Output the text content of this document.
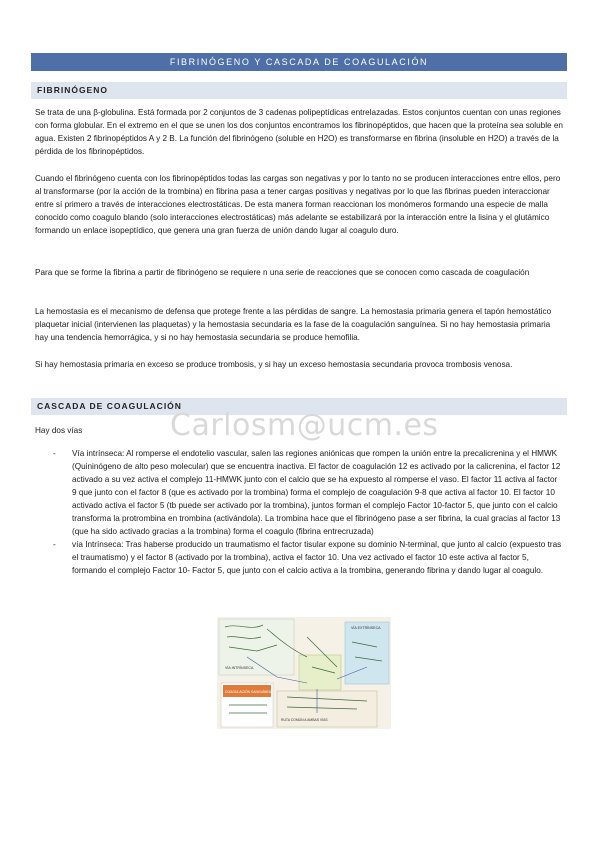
FIBRINÓGENO Y CASCADA DE COAGULACIÓN
FIBRINÓGENO
Se trata de una β-globulina. Está formada por 2 conjuntos de 3 cadenas polipeptídicas entrelazadas. Estos conjuntos cuentan con unas regiones con forma globular. En el extremo en el que se unen los dos conjuntos encontramos los fibrinopéptidos, que hacen que la proteína sea soluble en agua. Existen 2 fibrinopéptidos A y 2 B. La función del fibrinógeno (soluble en H2O) es transformarse en fibrina (insoluble en H2O) a través de la pérdida de los fibrinopéptidos.
Cuando el fibrinógeno cuenta con los fibrinopéptidos todas las cargas son negativas y por lo tanto no se producen interacciones entre ellos, pero al transformarse (por la acción de la trombina) en fibrina pasa a tener cargas positivas y negativas por lo que las fibrinas pueden interaccionar entre sí primero a través de interacciones electrostáticas. De esta manera forman reaccionan los monómeros formando una especie de malla conocido como coagulo blando (solo interacciones electrostáticas) más adelante se estabilizará por la interacción entre la lisina y el glutámico formando un enlace isopeptídico, que genera una gran fuerza de unión dando lugar al coagulo duro.
Para que se forme la fibrina a partir de fibrinógeno se requiere n una serie de reacciones que se conocen como cascada de coagulación
La hemostasia es el mecanismo de defensa que protege frente a las pérdidas de sangre. La hemostasia primaria genera el tapón hemostático plaquetar inicial (intervienen las plaquetas) y la hemostasia secundaria es la fase de la coagulación sanguínea. Si no hay hemostasia primaria hay una tendencia hemorrágica, y si no hay hemostasia secundaria se produce hemofilia.
Si hay hemostasia primaria en exceso se produce trombosis, y si hay un exceso hemostasia secundaria provoca trombosis venosa.
CASCADA DE COAGULACIÓN
Carlosm@ucm.es
Hay dos vías
- Vía intrínseca: Al romperse el endotelio vascular, salen las regiones aniónicas que rompen la unión entre la precalicrenina y el HMWK (Quininógeno de alto peso molecular) que se encuentra inactiva. El factor de coagulación 12 es activado por la calicrenina, el factor 12 activado a su vez activa el complejo 11-HMWK junto con el calcio que se ha expuesto al romperse el vaso. El factor 11 activa al factor 9 que junto con el factor 8 (que es activado por la trombina) forma el complejo de coagulación 9-8 que activa al factor 10. El factor 10 activado activa el factor 5 (tb puede ser activado por la trombina), juntos forman el complejo Factor 10-factor 5, que junto con el calcio transforma la protrombina en trombina (activándola). La trombina hace que el fibrinógeno pase a ser fibrina, la cual gracias al factor 13 (que ha sido activado gracias a la trombina) forma el coagulo (fibrina entrecruzada)
- vía Intrínseca: Tras haberse producido un traumatismo el factor tisular expone su dominio N-terminal, que junto al calcio (expuesto tras el traumatismo) y el factor 8 (activado por la trombina), activa el factor 10. Una vez activado el factor 10 este activa al factor 5, formando el complejo Factor 10- Factor 5, que junto con el calcio activa a la trombina, generando fibrina y dando lugar al coagulo.
VÍA INTRÍNSECA
VÍA EXTRÍNSECA
COAGULACIÓN SANGUÍNEA
RUTA COMÚN A AMBAS VÍAS
